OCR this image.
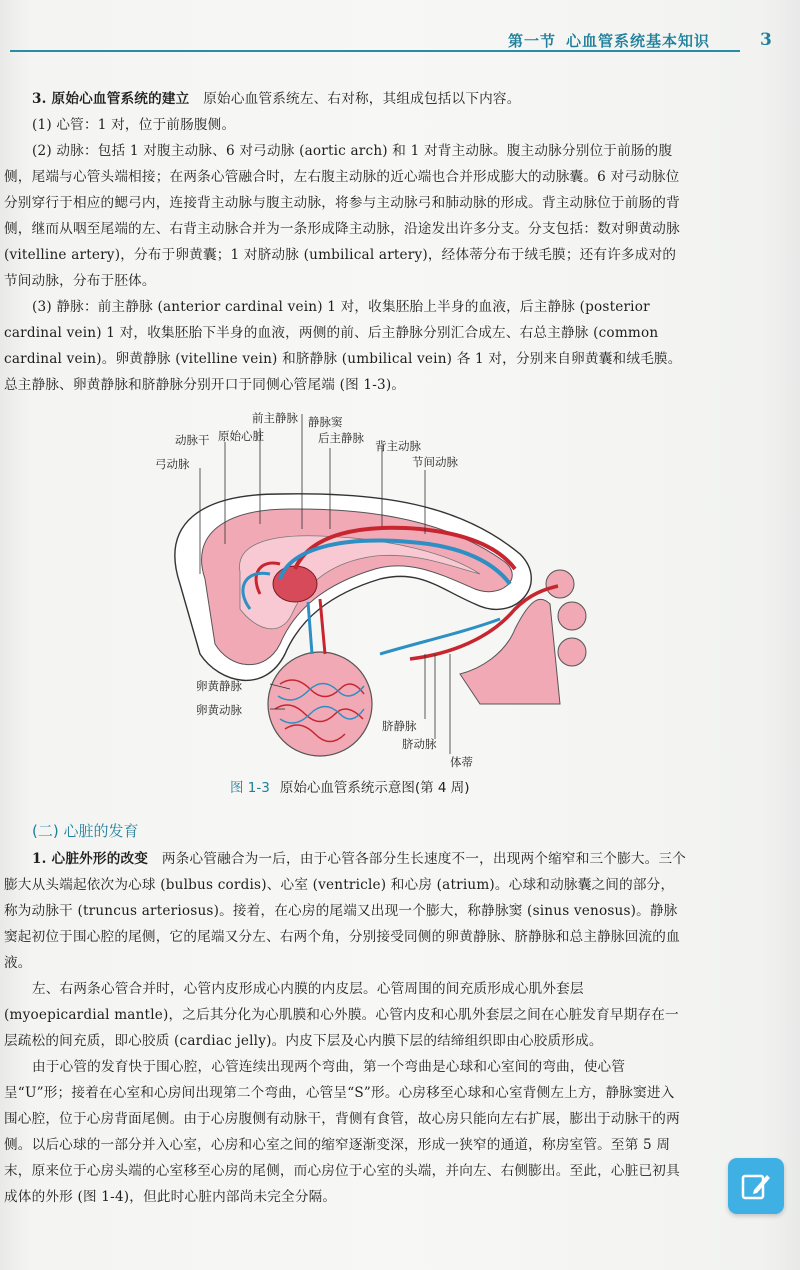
第一节 心血管系统基本知识	3

3. 原始心血管系统的建立　 原始心血管系统左、右对称，其组成包括以下内容。

(1) 心管：1 对，位于前肠腹侧。

(2) 动脉：包括 1 对腹主动脉、6 对弓动脉 (aortic arch) 和 1 对背主动脉。腹主动脉分别位于前肠的腹侧，尾端与心管头端相接；在两条心管融合时，左右腹主动脉的近心端也合并形成膨大的动脉囊。6 对弓动脉位分别穿行于相应的鳃弓内，连接背主动脉与腹主动脉，将参与主动脉弓和肺动脉的形成。背主动脉位于前肠的背侧，继而从咽至尾端的左、右背主动脉合并为一条形成降主动脉，沿途发出许多分支。分支包括：数对卵黄动脉 (vitelline artery)，分布于卵黄囊；1 对脐动脉 (umbilical artery)，经体蒂分布于绒毛膜；还有许多成对的节间动脉，分布于胚体。

(3) 静脉：前主静脉 (anterior cardinal vein) 1 对，收集胚胎上半身的血液，后主静脉 (posterior cardinal vein) 1 对，收集胚胎下半身的血液，两侧的前、后主静脉分别汇合成左、右总主静脉 (common cardinal vein)。卵黄静脉 (vitelline vein) 和脐静脉 (umbilical vein) 各 1 对，分别来自卵黄囊和绒毛膜。总主静脉、卵黄静脉和脐静脉分别开口于同侧心管尾端 (图 1-3)。

前主静脉 静脉窦
动脉干 原始心脏	后主静脉
背主动脉
弓动脉	节间动脉
卵黄静脉
卵黄动脉
脐静脉
脐动脉
体蒂
图 1-3 原始心血管系统示意图(第 4 周)
(二) 心脏的发育

1. 心脏外形的改变　 两条心管融合为一后，由于心管各部分生长速度不一，出现两个缩窄和三个膨大。三个膨大从头端起依次为心球 (bulbus cordis)、心室 (ventricle) 和心房 (atrium)。心球和动脉囊之间的部分，称为动脉干 (truncus arteriosus)。接着，在心房的尾端又出现一个膨大，称静脉窦 (sinus venosus)。静脉窦起初位于围心腔的尾侧，它的尾端又分左、右两个角，分别接受同侧的卵黄静脉、脐静脉和总主静脉回流的血液。

左、右两条心管合并时，心管内皮形成心内膜的内皮层。心管周围的间充质形成心肌外套层 (myoepicardial mantle)，之后其分化为心肌膜和心外膜。心管内皮和心肌外套层之间在心脏发育早期存在一层疏松的间充质，即心胶质 (cardiac jelly)。内皮下层及心内膜下层的结缔组织即由心胶质形成。

由于心管的发育快于围心腔，心管连续出现两个弯曲，第一个弯曲是心球和心室间的弯曲，使心管呈“U”形；接着在心室和心房间出现第二个弯曲，心管呈“S”形。心房移至心球和心室背侧左上方，静脉窦进入围心腔，位于心房背面尾侧。由于心房腹侧有动脉干，背侧有食管，故心房只能向左右扩展，膨出于动脉干的两侧。以后心球的一部分并入心室，心房和心室之间的缩窄逐渐变深，形成一狭窄的通道，称房室管。至第 5 周末，原来位于心房头端的心室移至心房的尾侧，而心房位于心室的头端，并向左、右侧膨出。至此，心脏已初具成体的外形 (图 1-4)，但此时心脏内部尚未完全分隔。
